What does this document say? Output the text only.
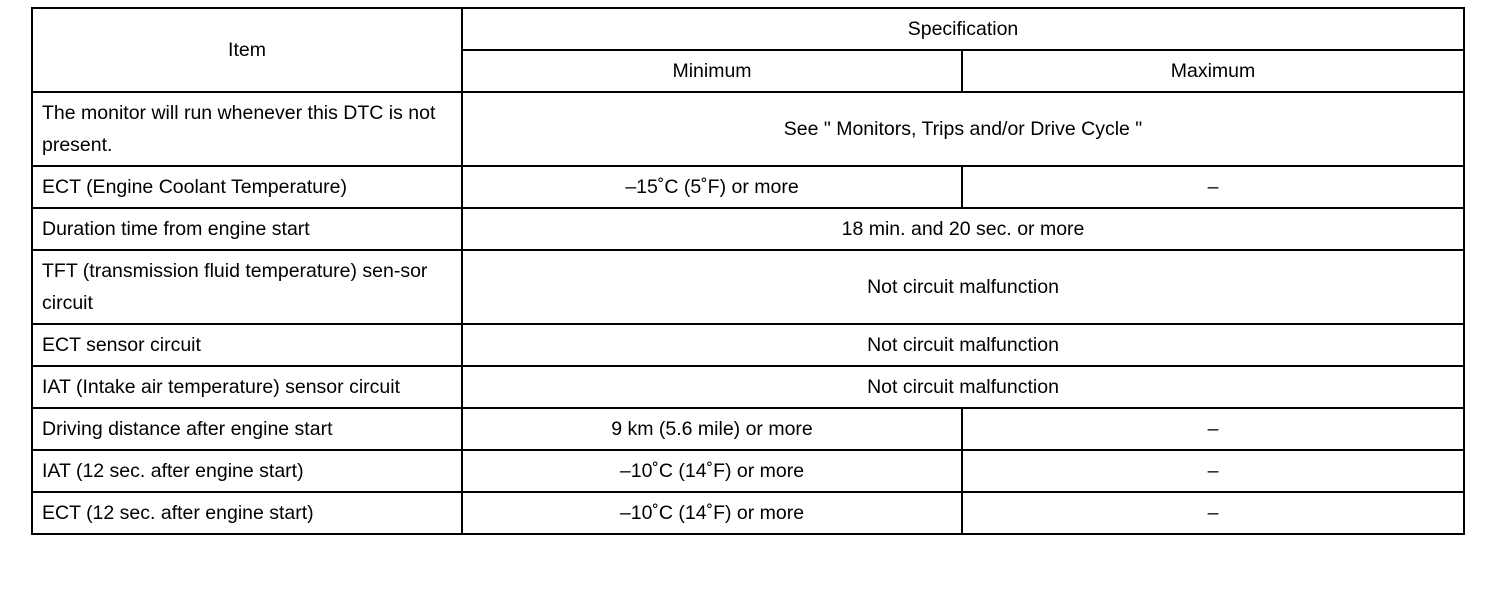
Item	Specification	
	Minimum	Maximum
The monitor will run whenever this DTC is not present.	See " Monitors, Trips and/or Drive Cycle "	
ECT (Engine Coolant Temperature)	–15˚C (5˚F) or more	–
Duration time from engine start	18 min. and 20 sec. or more	
TFT (transmission fluid temperature) sen-sor circuit	Not circuit malfunction	
ECT sensor circuit	Not circuit malfunction	
IAT (Intake air temperature) sensor circuit	Not circuit malfunction	
Driving distance after engine start	9 km (5.6 mile) or more	–
IAT (12 sec. after engine start)	–10˚C (14˚F) or more	–
ECT (12 sec. after engine start)	–10˚C (14˚F) or more	–
